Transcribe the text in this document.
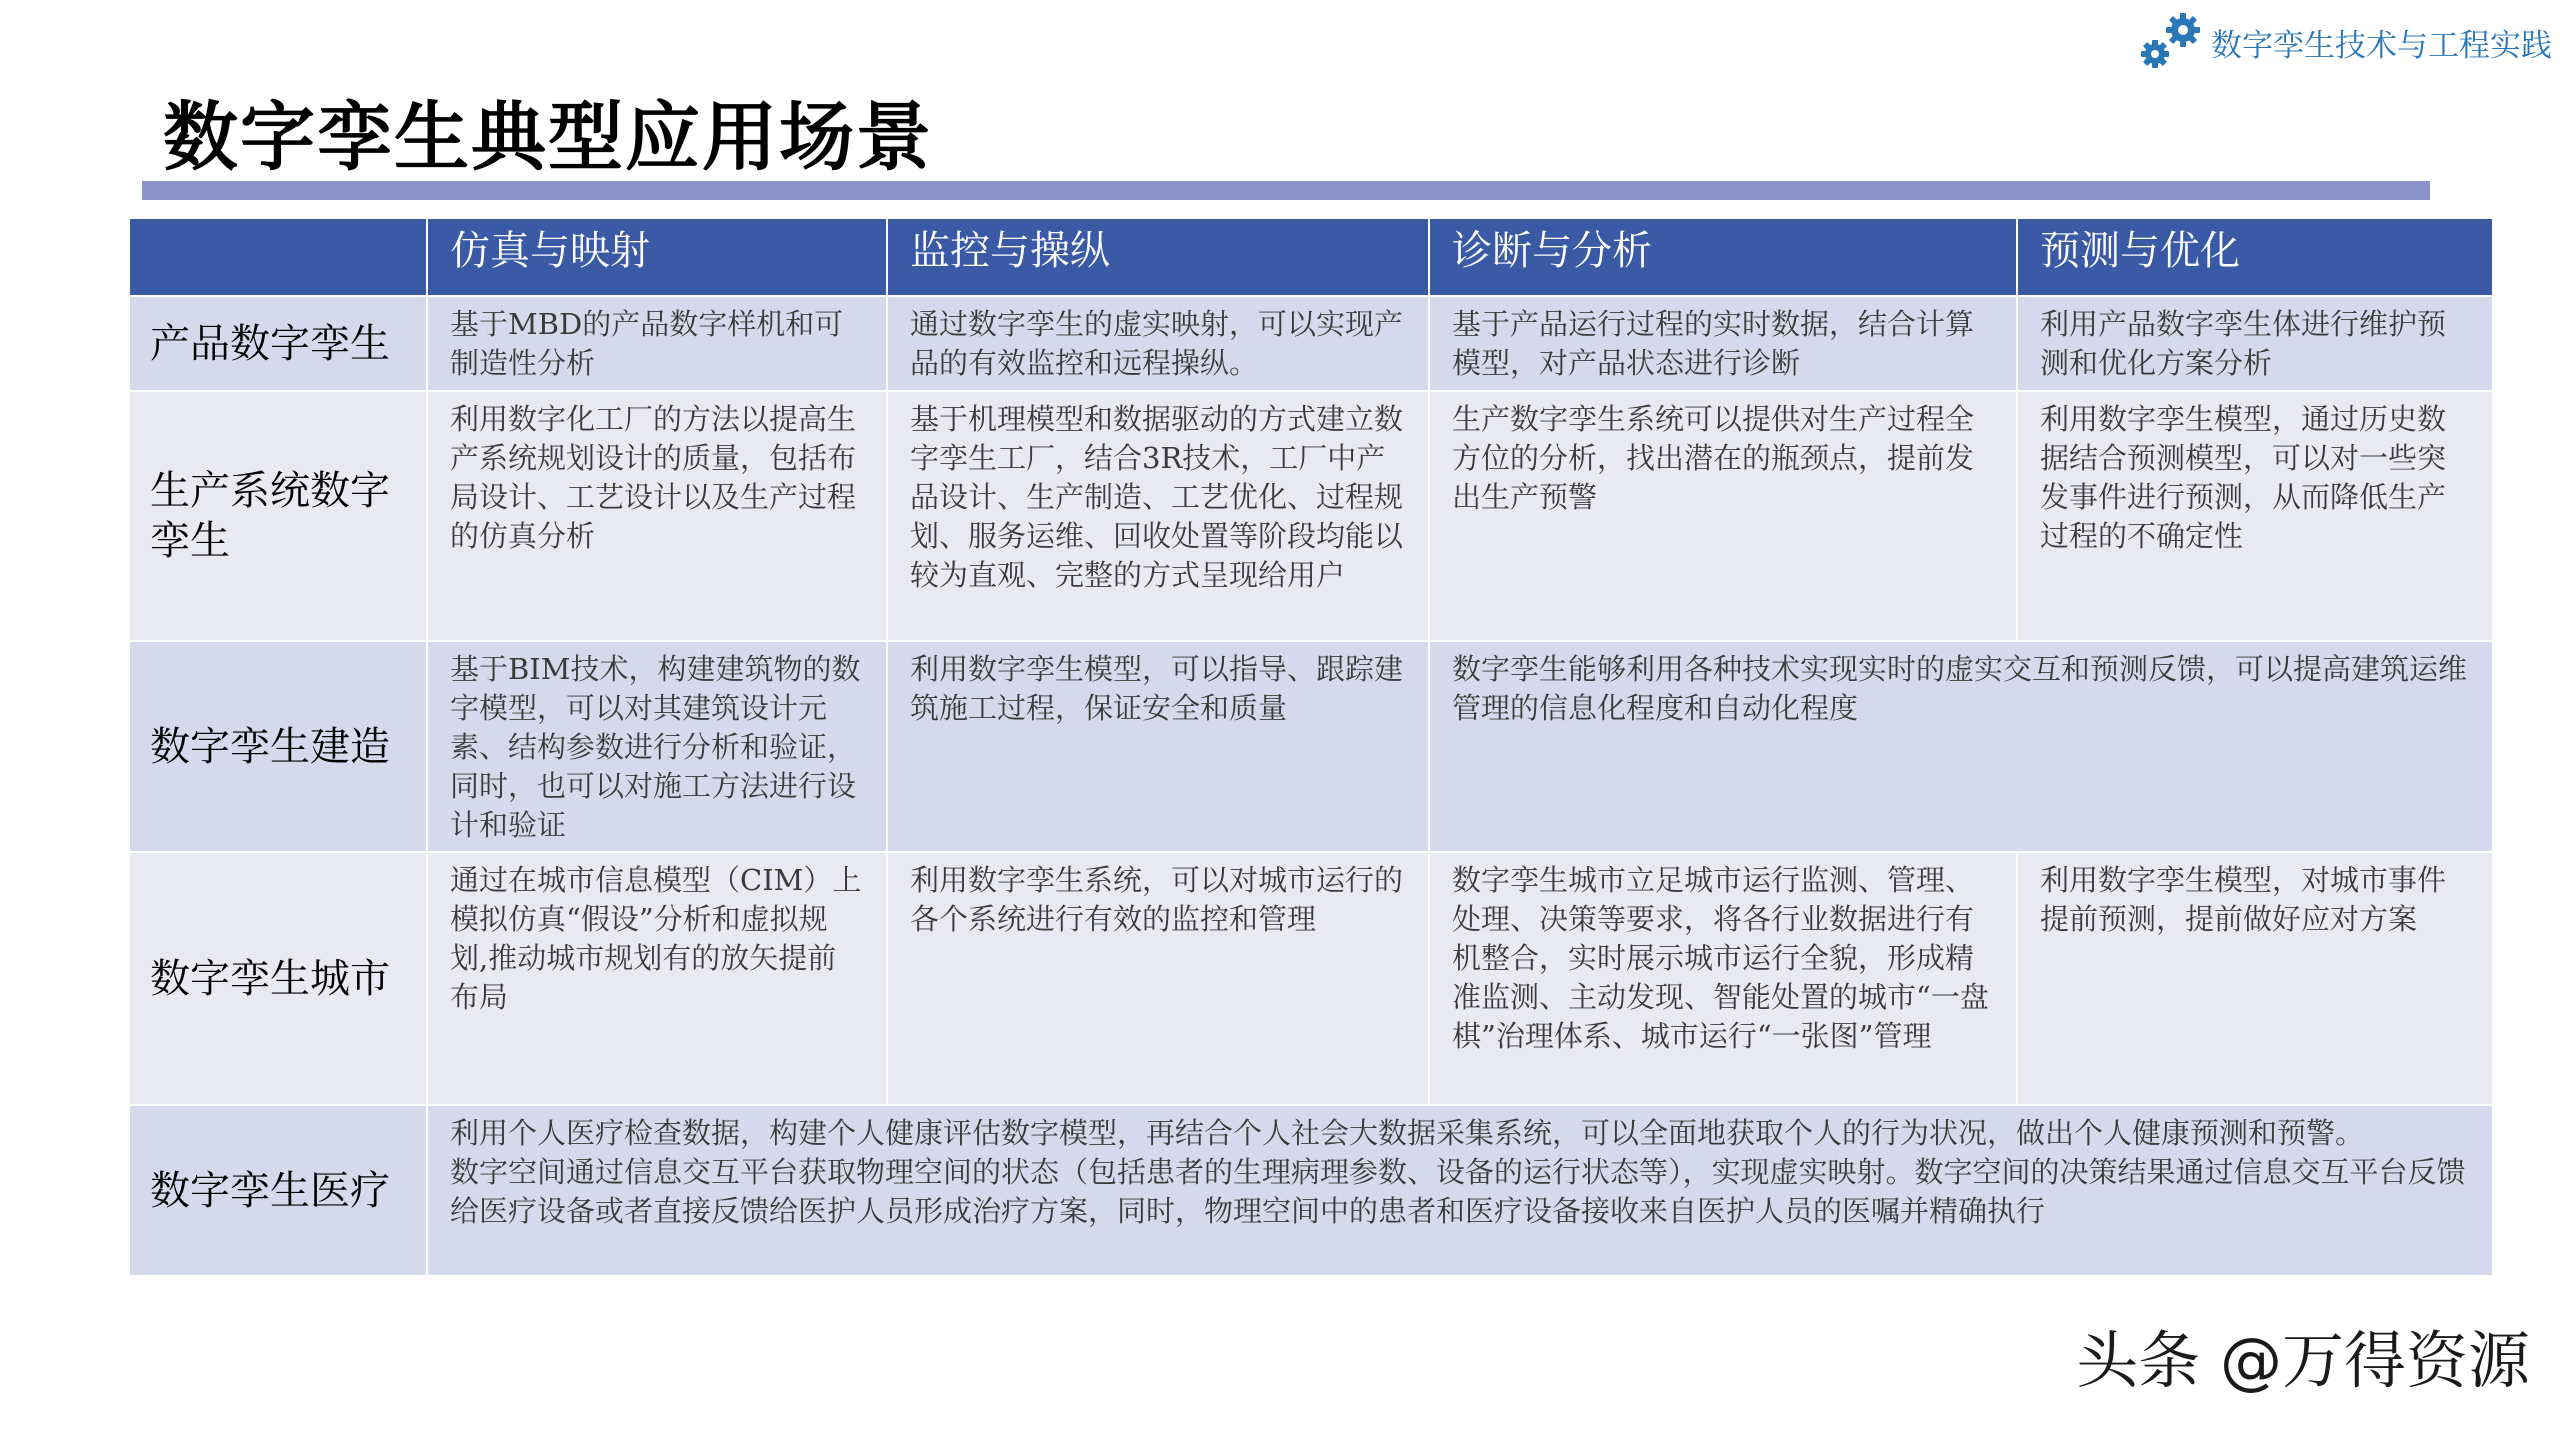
数字孪生技术与工程实践
数字孪生典型应用场景
	仿真与映射	监控与操纵	诊断与分析	预测与优化
产品数字孪生	基于MBD的产品数字样机和可制造性分析	通过数字孪生的虚实映射，可以实现产品的有效监控和远程操纵。	基于产品运行过程的实时数据，结合计算模型，对产品状态进行诊断	利用产品数字孪生体进行维护预测和优化方案分析
生产系统数字孪生	利用数字化工厂的方法以提高生产系统规划设计的质量，包括布局设计、工艺设计以及生产过程的仿真分析	基于机理模型和数据驱动的方式建立数字孪生工厂，结合3R技术，工厂中产品设计、生产制造、工艺优化、过程规划、服务运维、回收处置等阶段均能以较为直观、完整的方式呈现给用户	生产数字孪生系统可以提供对生产过程全方位的分析，找出潜在的瓶颈点，提前发出生产预警	利用数字孪生模型，通过历史数据结合预测模型，可以对一些突发事件进行预测，从而降低生产过程的不确定性
数字孪生建造	基于BIM技术，构建建筑物的数字模型，可以对其建筑设计元素、结构参数进行分析和验证，同时，也可以对施工方法进行设计和验证	利用数字孪生模型，可以指导、跟踪建筑施工过程，保证安全和质量	数字孪生能够利用各种技术实现实时的虚实交互和预测反馈，可以提高建筑运维管理的信息化程度和自动化程度	
数字孪生城市	通过在城市信息模型（CIM）上模拟仿真“假设”分析和虚拟规划,推动城市规划有的放矢提前布局	利用数字孪生系统，可以对城市运行的各个系统进行有效的监控和管理	数字孪生城市立足城市运行监测、管理、处理、决策等要求，将各行业数据进行有机整合，实时展示城市运行全貌，形成精准监测、主动发现、智能处置的城市“一盘棋”治理体系、城市运行“一张图”管理	利用数字孪生模型，对城市事件提前预测，提前做好应对方案
数字孪生医疗	利用个人医疗检查数据，构建个人健康评估数字模型，再结合个人社会大数据采集系统，可以全面地获取个人的行为状况，做出个人健康预测和预警。
数字空间通过信息交互平台获取物理空间的状态（包括患者的生理病理参数、设备的运行状态等），实现虚实映射。数字空间的决策结果通过信息交互平台反馈给医疗设备或者直接反馈给医护人员形成治疗方案，同时，物理空间中的患者和医疗设备接收来自医护人员的医嘱并精确执行			
头条 @万得资源
